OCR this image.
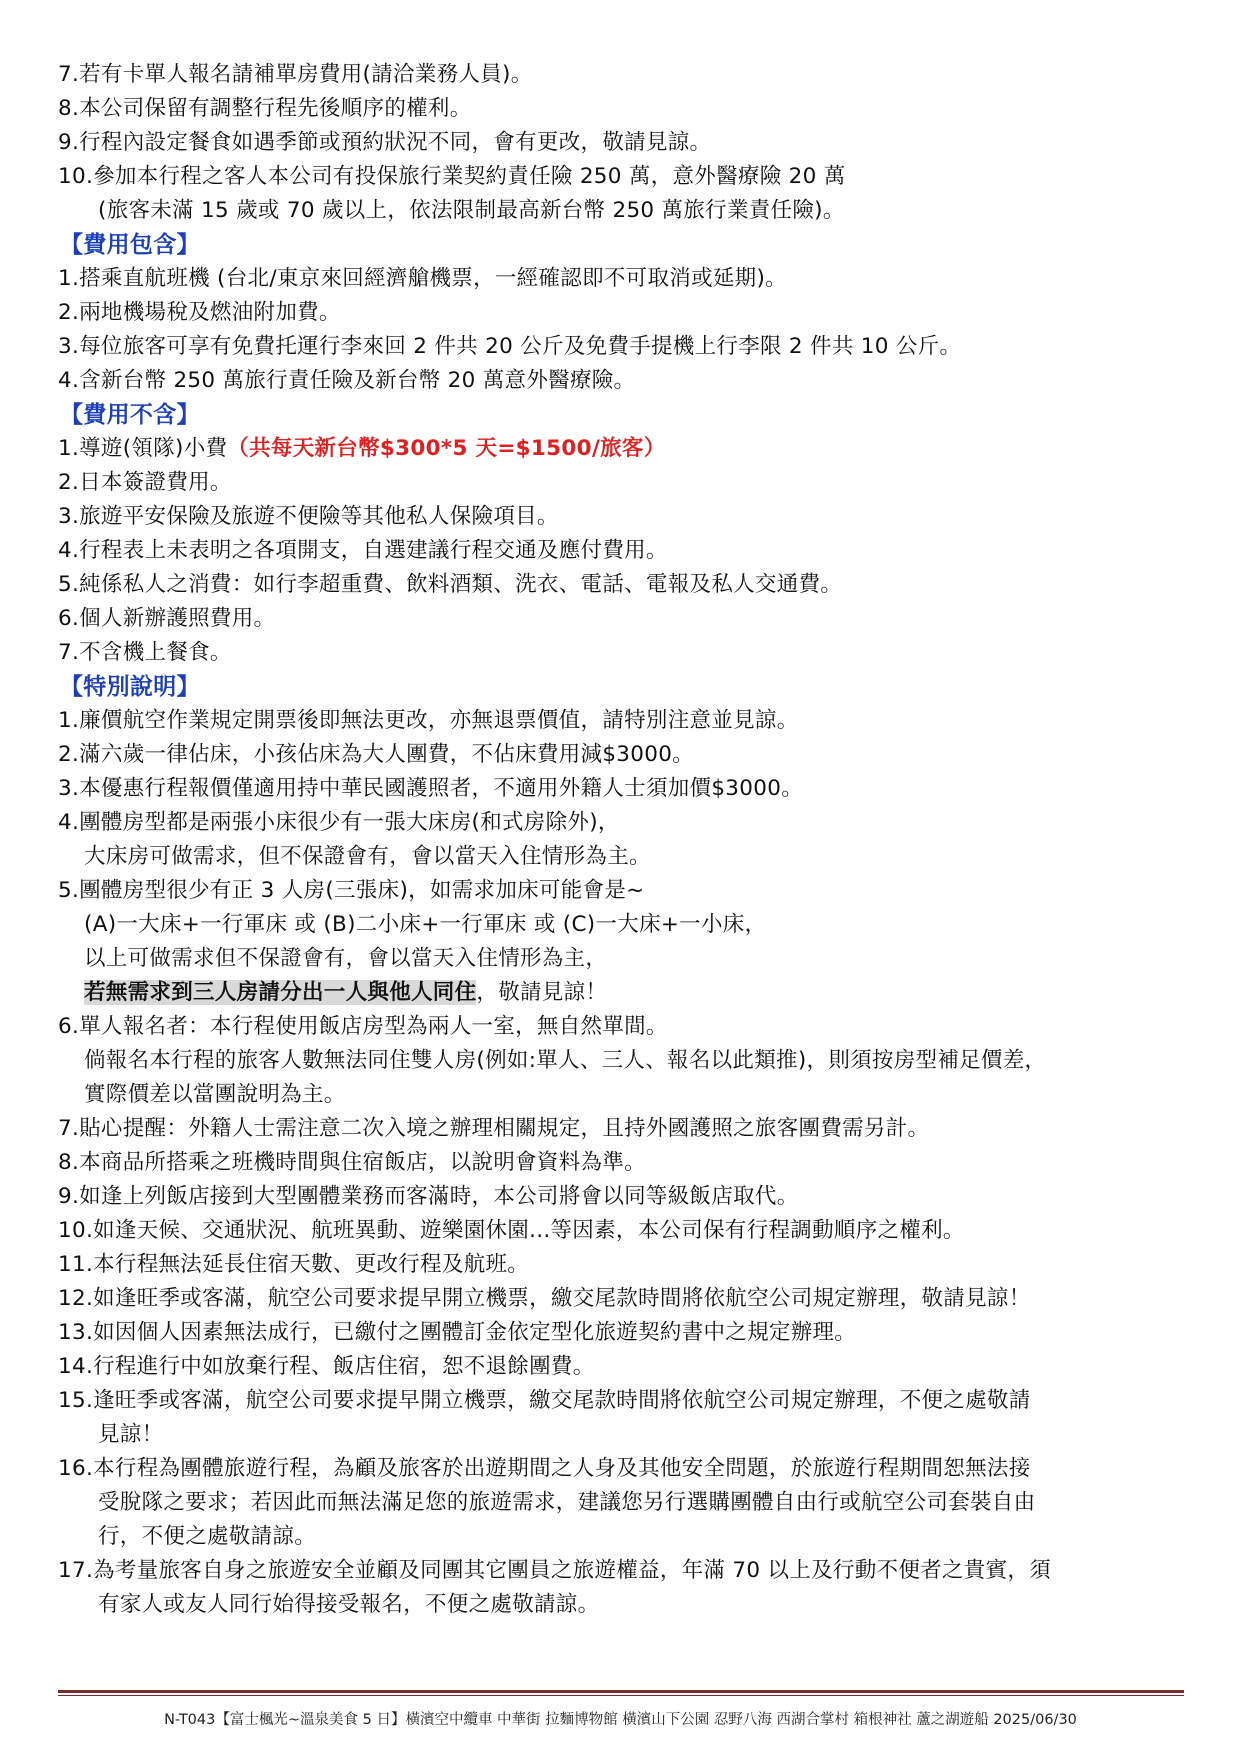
7.若有卡單人報名請補單房費用(請洽業務人員)。
8.本公司保留有調整行程先後順序的權利。
9.行程內設定餐食如遇季節或預約狀況不同，會有更改，敬請見諒。
10.參加本行程之客人本公司有投保旅行業契約責任險 250 萬，意外醫療險 20 萬
(旅客未滿 15 歲或 70 歲以上，依法限制最高新台幣 250 萬旅行業責任險)。
【費用包含】
1.搭乘直航班機 (台北/東京來回經濟艙機票，一經確認即不可取消或延期)。
2.兩地機場稅及燃油附加費。
3.每位旅客可享有免費托運行李來回 2 件共 20 公斤及免費手提機上行李限 2 件共 10 公斤。
4.含新台幣 250 萬旅行責任險及新台幣 20 萬意外醫療險。
【費用不含】
1.導遊(領隊)小費（共每天新台幣$300*5 天=$1500/旅客）
2.日本簽證費用。
3.旅遊平安保險及旅遊不便險等其他私人保險項目。
4.行程表上未表明之各項開支，自選建議行程交通及應付費用。
5.純係私人之消費：如行李超重費、飲料酒類、洗衣、電話、電報及私人交通費。
6.個人新辦護照費用。
7.不含機上餐食。
【特別說明】
1.廉價航空作業規定開票後即無法更改，亦無退票價值，請特別注意並見諒。
2.滿六歲一律佔床，小孩佔床為大人團費，不佔床費用減$3000。
3.本優惠行程報價僅適用持中華民國護照者，不適用外籍人士須加價$3000。
4.團體房型都是兩張小床很少有一張大床房(和式房除外)，
大床房可做需求，但不保證會有，會以當天入住情形為主。
5.團體房型很少有正 3 人房(三張床)，如需求加床可能會是~
(A)一大床+一行軍床 或 (B)二小床+一行軍床 或 (C)一大床+一小床，
以上可做需求但不保證會有，會以當天入住情形為主，
若無需求到三人房請分出一人與他人同住，敬請見諒！
6.單人報名者：本行程使用飯店房型為兩人一室，無自然單間。
倘報名本行程的旅客人數無法同住雙人房(例如:單人、三人、報名以此類推)，則須按房型補足價差，
實際價差以當團說明為主。
7.貼心提醒：外籍人士需注意二次入境之辦理相關規定，且持外國護照之旅客團費需另計。
8.本商品所搭乘之班機時間與住宿飯店，以說明會資料為準。
9.如逢上列飯店接到大型團體業務而客滿時，本公司將會以同等級飯店取代。
10.如逢天候、交通狀況、航班異動、遊樂園休園...等因素，本公司保有行程調動順序之權利。
11.本行程無法延長住宿天數、更改行程及航班。
12.如逢旺季或客滿，航空公司要求提早開立機票，繳交尾款時間將依航空公司規定辦理，敬請見諒！
13.如因個人因素無法成行，已繳付之團體訂金依定型化旅遊契約書中之規定辦理。
14.行程進行中如放棄行程、飯店住宿，恕不退餘團費。
15.逢旺季或客滿，航空公司要求提早開立機票，繳交尾款時間將依航空公司規定辦理，不便之處敬請
見諒！
16.本行程為團體旅遊行程，為顧及旅客於出遊期間之人身及其他安全問題，於旅遊行程期間恕無法接
受脫隊之要求；若因此而無法滿足您的旅遊需求，建議您另行選購團體自由行或航空公司套裝自由
行，不便之處敬請諒。
17.為考量旅客自身之旅遊安全並顧及同團其它團員之旅遊權益，年滿 70 以上及行動不便者之貴賓，須
有家人或友人同行始得接受報名，不便之處敬請諒。
N-T043【富士楓光~溫泉美食 5 日】橫濱空中纜車 中華街 拉麵博物館 橫濱山下公園 忍野八海 西湖合掌村 箱根神社 蘆之湖遊船 2025/06/30
